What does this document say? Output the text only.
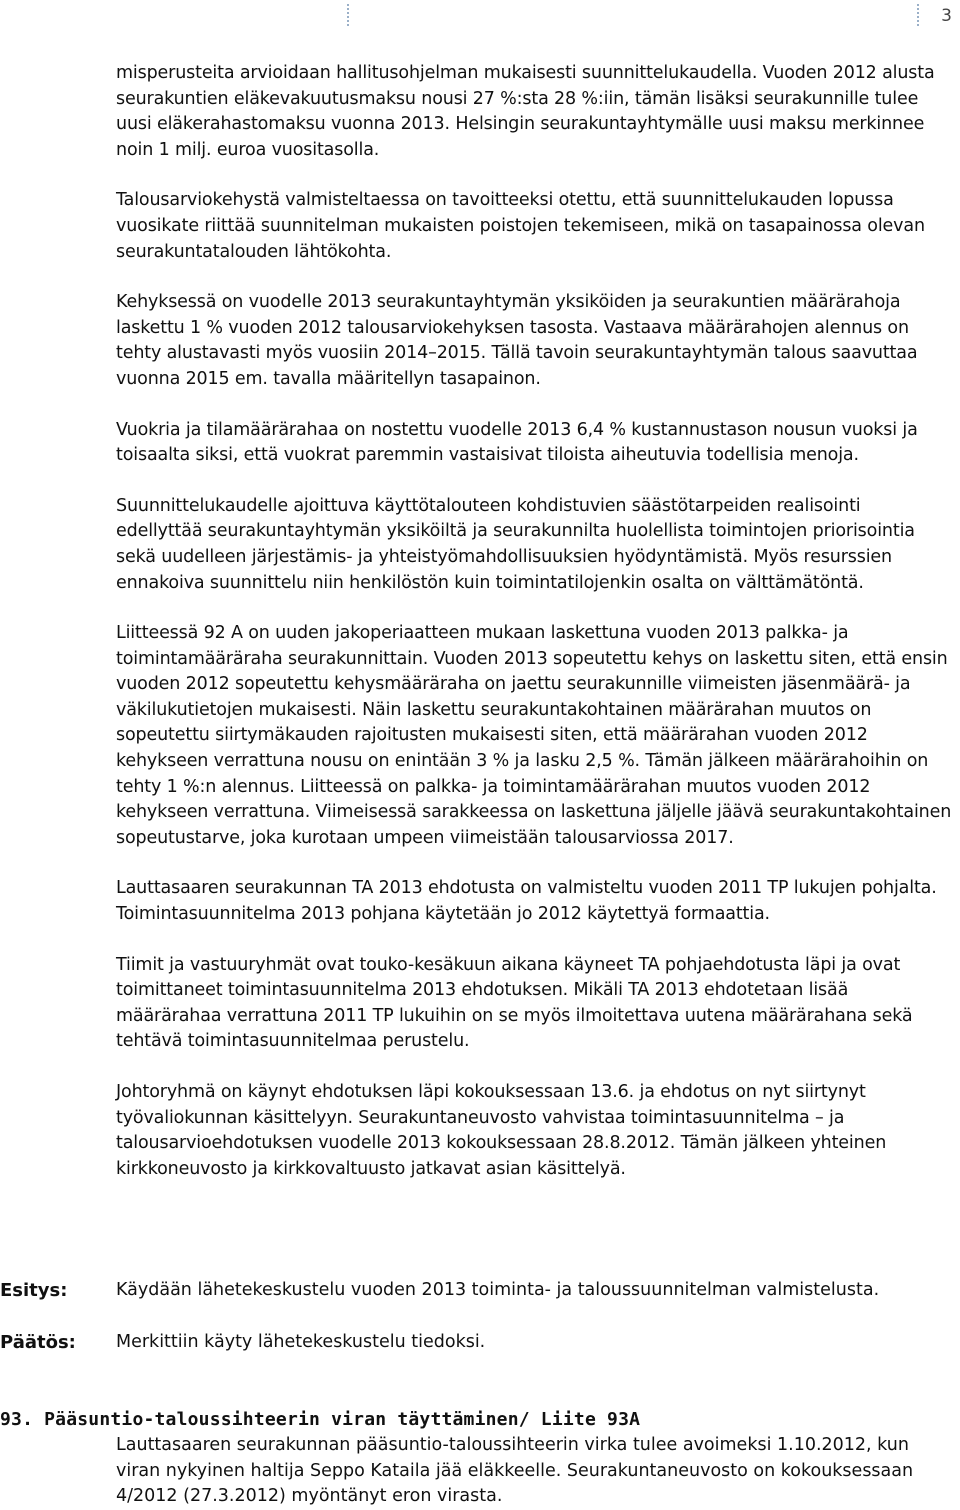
3

misperusteita arvioidaan hallitusohjelman mukaisesti suunnittelukaudella. Vuoden 2012 alusta seurakuntien eläkevakuutusmaksu nousi 27 %:sta 28 %:iin, tämän lisäksi seurakunnille tulee uusi eläkerahastomaksu vuonna 2013. Helsingin seurakuntayhtymälle uusi maksu merkinnee noin 1 milj. euroa vuositasolla.

Talousarviokehystä valmisteltaessa on tavoitteeksi otettu, että suunnittelukauden lopussa vuosikate riittää suunnitelman mukaisten poistojen tekemiseen, mikä on tasapainossa olevan seurakuntatalouden lähtökohta.

Kehyksessä on vuodelle 2013 seurakuntayhtymän yksiköiden ja seurakuntien määrärahoja laskettu 1 % vuoden 2012 talousarviokehyksen tasosta. Vastaava määrärahojen alennus on tehty alustavasti myös vuosiin 2014–2015. Tällä tavoin seurakuntayhtymän talous saavuttaa vuonna 2015 em. tavalla määritellyn tasapainon.

Vuokria ja tilamäärärahaa on nostettu vuodelle 2013 6,4 % kustannustason nousun vuoksi ja toisaalta siksi, että vuokrat paremmin vastaisivat tiloista aiheutuvia todellisia menoja.

Suunnittelukaudelle ajoittuva käyttötalouteen kohdistuvien säästötarpeiden realisointi edellyttää seurakuntayhtymän yksiköiltä ja seurakunnilta huolellista toimintojen priorisointia sekä uudelleen järjestämis- ja yhteistyömahdollisuuksien hyödyntämistä. Myös resurssien ennakoiva suunnittelu niin henkilöstön kuin toimintatilojenkin osalta on välttämätöntä.

Liitteessä 92 A on uuden jakoperiaatteen mukaan laskettuna vuoden 2013 palkka- ja toimintamääräraha seurakunnittain. Vuoden 2013 sopeutettu kehys on laskettu siten, että ensin vuoden 2012 sopeutettu kehysmääräraha on jaettu seurakunnille viimeisten jäsenmäärä- ja väkilukutietojen mukaisesti. Näin laskettu seurakuntakohtainen määrärahan muutos on sopeutettu siirtymäkauden rajoitusten mukaisesti siten, että määrärahan vuoden 2012 kehykseen verrattuna nousu on enintään 3 % ja lasku 2,5 %. Tämän jälkeen määrärahoihin on tehty 1 %:n alennus. Liitteessä on palkka- ja toimintamäärärahan muutos vuoden 2012 kehykseen verrattuna. Viimeisessä sarakkeessa on laskettuna jäljelle jäävä seurakuntakohtainen sopeutustarve, joka kurotaan umpeen viimeistään talousarviossa 2017.

Lauttasaaren seurakunnan TA 2013 ehdotusta on valmisteltu vuoden 2011 TP lukujen pohjalta. Toimintasuunnitelma 2013 pohjana käytetään jo 2012 käytettyä formaattia.

Tiimit ja vastuuryhmät ovat touko-kesäkuun aikana käyneet TA pohjaehdotusta läpi ja ovat toimittaneet toimintasuunnitelma 2013 ehdotuksen. Mikäli TA 2013 ehdotetaan lisää määrärahaa verrattuna 2011 TP lukuihin on se myös ilmoitettava uutena määrärahana sekä tehtävä toimintasuunnitelmaa perustelu.

Johtoryhmä on käynyt ehdotuksen läpi kokouksessaan 13.6. ja ehdotus on nyt siirtynyt työvaliokunnan käsittelyyn. Seurakuntaneuvosto vahvistaa toimintasuunnitelma – ja talousarvioehdotuksen vuodelle 2013 kokouksessaan 28.8.2012. Tämän jälkeen yhteinen kirkkoneuvosto ja kirkkovaltuusto jatkavat asian käsittelyä.

Esitys:	Käydään lähetekeskustelu vuoden 2013 toiminta- ja taloussuunnitelman valmistelusta.
Päätös: Merkittiin käyty lähetekeskustelu tiedoksi.
93. Pääsuntio-taloussihteerin viran täyttäminen/ Liite 93A
Lauttasaaren seurakunnan pääsuntio-taloussihteerin virka tulee avoimeksi 1.10.2012, kun viran nykyinen haltija Seppo Kataila jää eläkkeelle. Seurakuntaneuvosto on kokouksessaan 4/2012 (27.3.2012) myöntänyt eron virasta.
